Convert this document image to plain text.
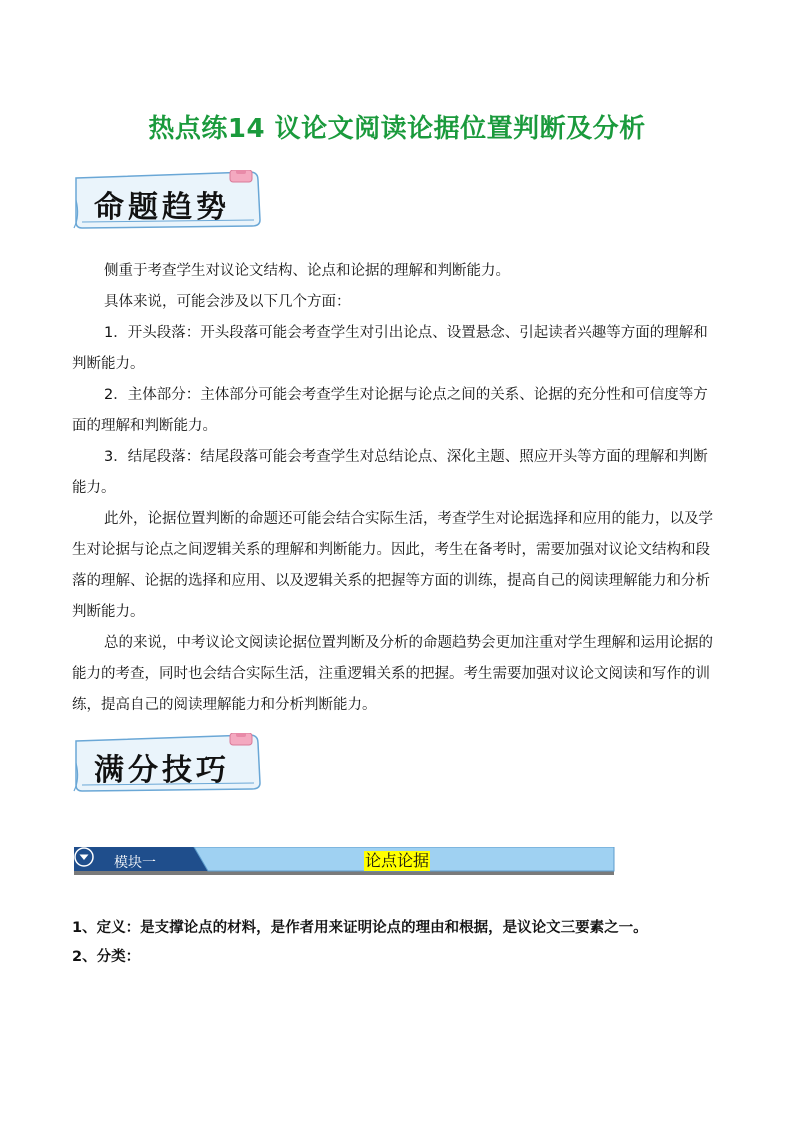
热点练14 议论文阅读论据位置判断及分析
命题趋势

侧重于考查学生对议论文结构、论点和论据的理解和判断能力。

具体来说，可能会涉及以下几个方面：

1．开头段落：开头段落可能会考查学生对引出论点、设置悬念、引起读者兴趣等方面的理解和判断能力。

2．主体部分：主体部分可能会考查学生对论据与论点之间的关系、论据的充分性和可信度等方面的理解和判断能力。

3．结尾段落：结尾段落可能会考查学生对总结论点、深化主题、照应开头等方面的理解和判断能力。

此外，论据位置判断的命题还可能会结合实际生活，考查学生对论据选择和应用的能力，以及学生对论据与论点之间逻辑关系的理解和判断能力。因此，考生在备考时，需要加强对议论文结构和段落的理解、论据的选择和应用、以及逻辑关系的把握等方面的训练，提高自己的阅读理解能力和分析判断能力。

总的来说，中考议论文阅读论据位置判断及分析的命题趋势会更加注重对学生理解和运用论据的能力的考查，同时也会结合实际生活，注重逻辑关系的把握。考生需要加强对议论文阅读和写作的训练，提高自己的阅读理解能力和分析判断能力。

满分技巧
模块一	论点论据
1、定义：是支撑论点的材料，是作者用来证明论点的理由和根据，是议论文三要素之一。
2、分类：
